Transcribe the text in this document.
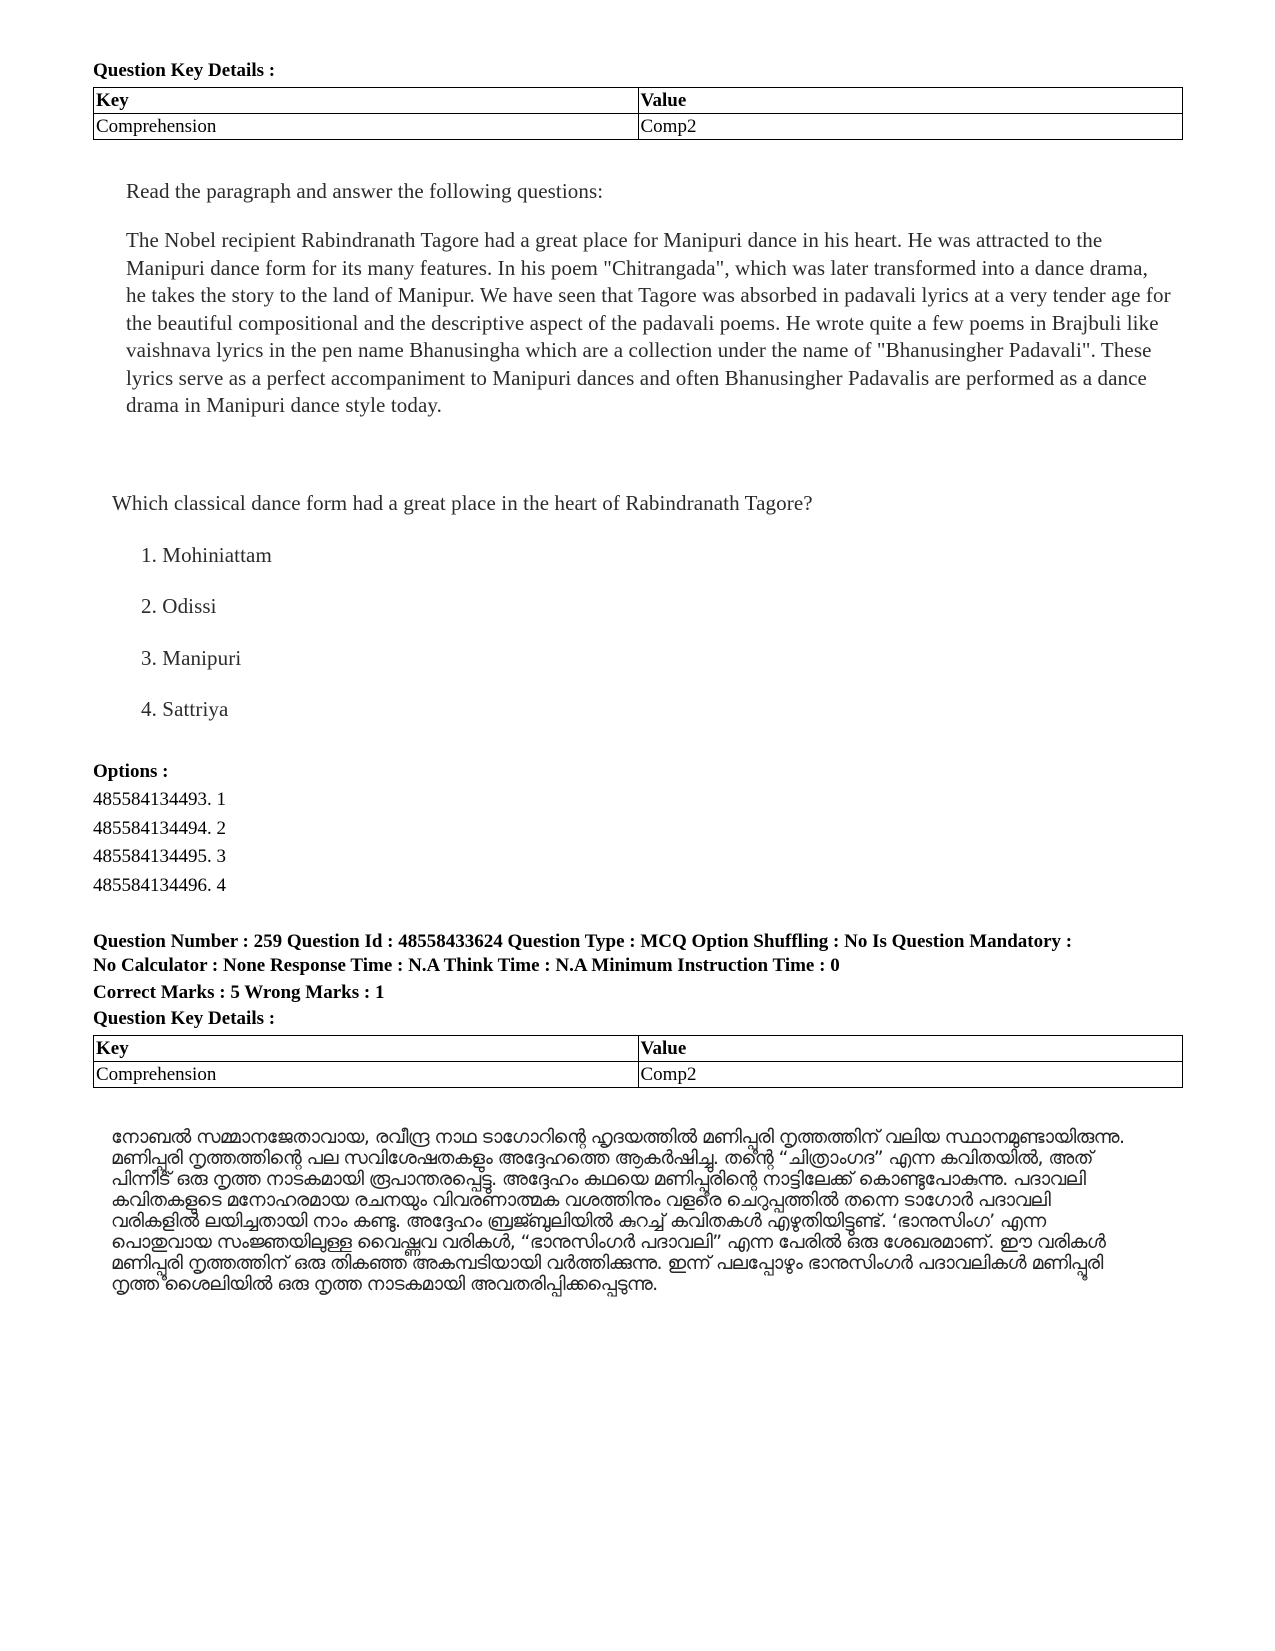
Question Key Details :

Key	Value
Comprehension	Comp2
Read the paragraph and answer the following questions:
The Nobel recipient Rabindranath Tagore had a great place for Manipuri dance in his heart. He was attracted to the Manipuri dance form for its many features. In his poem "Chitrangada", which was later transformed into a dance drama, he takes the story to the land of Manipur. We have seen that Tagore was absorbed in padavali lyrics at a very tender age for the beautiful compositional and the descriptive aspect of the padavali poems. He wrote quite a few poems in Brajbuli like vaishnava lyrics in the pen name Bhanusingha which are a collection under the name of "Bhanusingher Padavali". These lyrics serve as a perfect accompaniment to Manipuri dances and often Bhanusingher Padavalis are performed as a dance drama in Manipuri dance style today.
Which classical dance form had a great place in the heart of Rabindranath Tagore?
1. Mohiniattam
2. Odissi
3. Manipuri
4. Sattriya

Options :

485584134493. 1
485584134494. 2
485584134495. 3
485584134496. 4

Question Number : 259 Question Id : 48558433624 Question Type : MCQ Option Shuffling : No Is Question Mandatory :

No Calculator : None Response Time : N.A Think Time : N.A Minimum Instruction Time : 0

Correct Marks : 5 Wrong Marks : 1

Question Key Details :

Key	Value
Comprehension	Comp2
നോബൽ സമ്മാനജേതാവായ, രവീന്ദ്ര നാഥ ടാഗോറിന്റെ ഹൃദയത്തിൽ മണിപ്പൂരി നൃത്തത്തിന് വലിയ സ്ഥാനമുണ്ടായിരുന്നു. മണിപ്പൂരി നൃത്തത്തിന്റെ പല സവിശേഷതകളും അദ്ദേഹത്തെ ആകർഷിച്ചു. തന്റെ “ചിത്രാംഗദ” എന്ന കവിതയിൽ, അത് പിന്നീട് ഒരു നൃത്ത നാടകമായി രൂപാന്തരപ്പെട്ടു. അദ്ദേഹം കഥയെ മണിപ്പൂരിന്റെ നാട്ടിലേക്ക് കൊണ്ടുപോകുന്നു. പദാവലി കവിതകളുടെ മനോഹരമായ രചനയും വിവരണാത്മക വശത്തിനും വളരെ ചെറുപ്പത്തിൽ തന്നെ ടാഗോർ പദാവലി വരികളിൽ ലയിച്ചതായി നാം കണ്ടു. അദ്ദേഹം ബ്രജ്ബുലിയിൽ കുറച്ച് കവിതകൾ എഴുതിയിട്ടുണ്ട്. ‘ഭാനുസിംഗ’ എന്ന പൊതുവായ സംജ്ഞയിലുള്ള വൈഷ്ണവ വരികൾ, “ഭാനുസിംഗർ പദാവലി” എന്ന പേരിൽ ഒരു ശേഖരമാണ്. ഈ വരികൾ മണിപ്പൂരി നൃത്തത്തിന് ഒരു തികഞ്ഞ അകമ്പടിയായി വർത്തിക്കുന്നു. ഇന്ന് പലപ്പോഴും ഭാനുസിംഗർ പദാവലികൾ മണിപ്പൂരി നൃത്ത ശൈലിയിൽ ഒരു നൃത്ത നാടകമായി അവതരിപ്പിക്കപ്പെടുന്നു.
